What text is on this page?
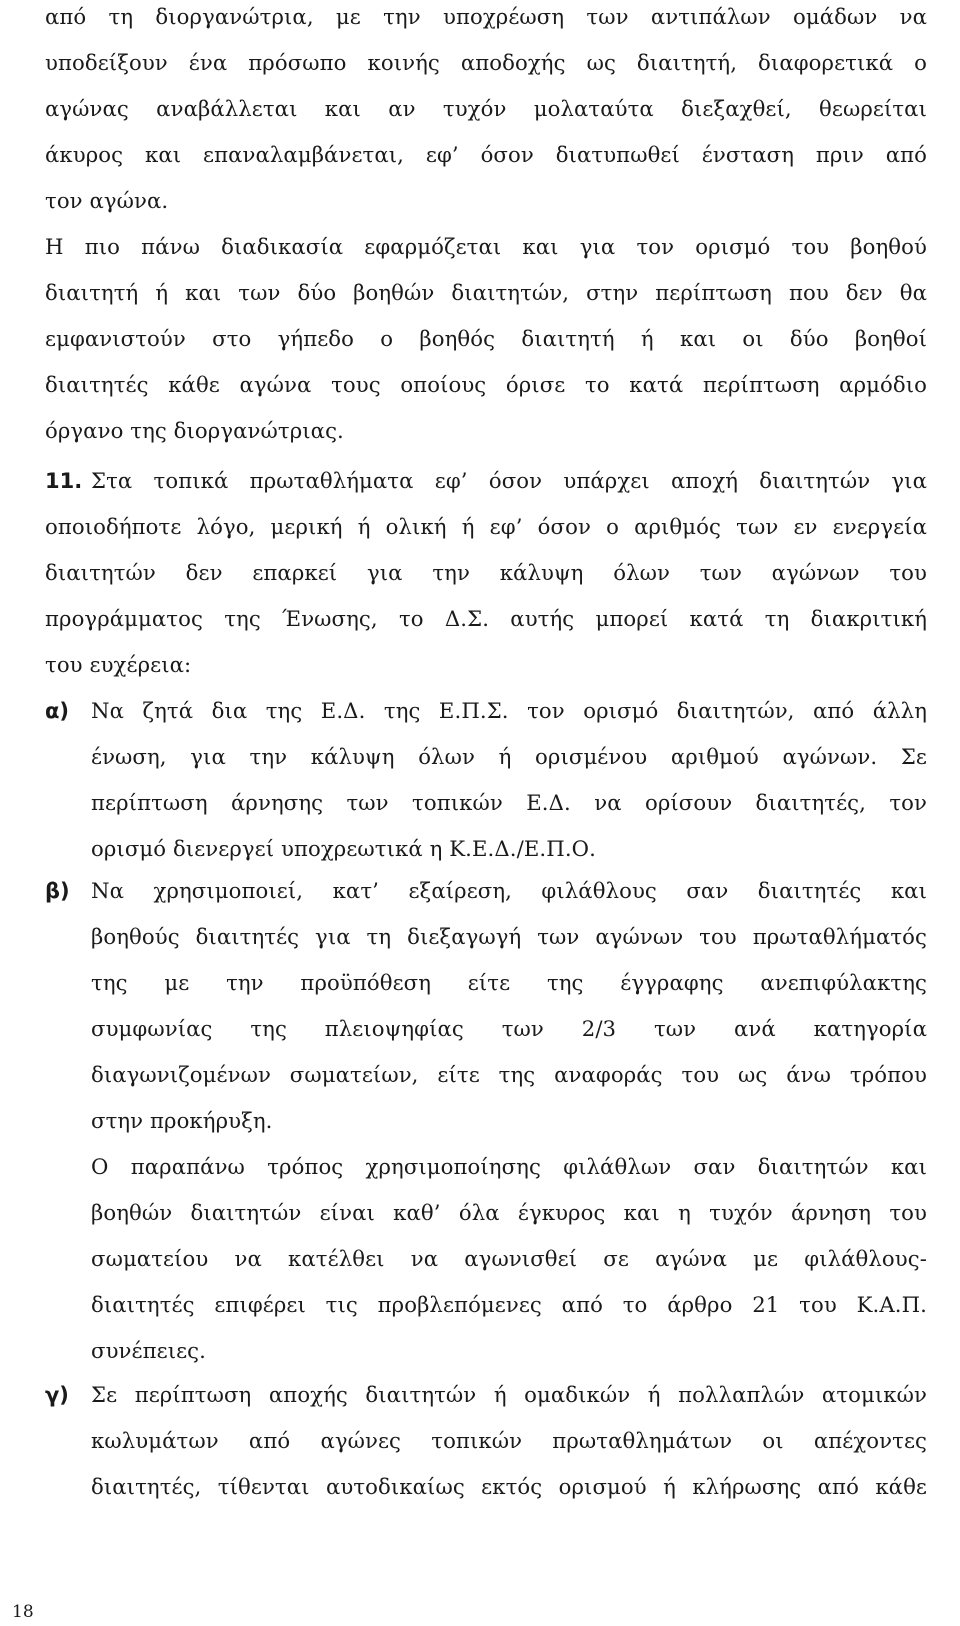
από τη διοργανώτρια, με την υποχρέωση των αντιπάλων ομάδων να
υποδείξουν ένα πρόσωπο κοινής αποδοχής ως διαιτητή, διαφορετικά ο
αγώνας αναβάλλεται και αν τυχόν μολαταύτα διεξαχθεί, θεωρείται
άκυρος και επαναλαμβάνεται, εφ’ όσον διατυπωθεί ένσταση πριν από
τον αγώνα.
Η πιο πάνω διαδικασία εφαρμόζεται και για τον ορισμό του βοηθού
διαιτητή ή και των δύο βοηθών διαιτητών, στην περίπτωση που δεν θα
εμφανιστούν στο γήπεδο ο βοηθός διαιτητή ή και οι δύο βοηθοί
διαιτητές κάθε αγώνα τους οποίους όρισε το κατά περίπτωση αρμόδιο
όργανο της διοργανώτριας.
11. Στα τοπικά πρωταθλήματα εφ’ όσον υπάρχει αποχή διαιτητών για
οποιοδήποτε λόγο, μερική ή ολική ή εφ’ όσον ο αριθμός των εν ενεργεία
διαιτητών δεν επαρκεί για την κάλυψη όλων των αγώνων του
προγράμματος της Ένωσης, το Δ.Σ. αυτής μπορεί κατά τη διακριτική
του ευχέρεια:
α) Να ζητά δια της Ε.Δ. της Ε.Π.Σ. τον ορισμό διαιτητών, από άλλη
ένωση, για την κάλυψη όλων ή ορισμένου αριθμού αγώνων. Σε
περίπτωση άρνησης των τοπικών Ε.Δ. να ορίσουν διαιτητές, τον
ορισμό διενεργεί υποχρεωτικά η Κ.Ε.Δ./Ε.Π.Ο.
β) Να χρησιμοποιεί, κατ’ εξαίρεση, φιλάθλους σαν διαιτητές και
βοηθούς διαιτητές για τη διεξαγωγή των αγώνων του πρωταθλήματός
της με την προϋπόθεση είτε της έγγραφης ανεπιφύλακτης
συμφωνίας της πλειοψηφίας των 2/3 των ανά κατηγορία
διαγωνιζομένων σωματείων, είτε της αναφοράς του ως άνω τρόπου
στην προκήρυξη.
Ο παραπάνω τρόπος χρησιμοποίησης φιλάθλων σαν διαιτητών και
βοηθών διαιτητών είναι καθ’ όλα έγκυρος και η τυχόν άρνηση του
σωματείου να κατέλθει να αγωνισθεί σε αγώνα με φιλάθλους-
διαιτητές επιφέρει τις προβλεπόμενες από το άρθρο 21 του Κ.Α.Π.
συνέπειες.
γ) Σε περίπτωση αποχής διαιτητών ή ομαδικών ή πολλαπλών ατομικών
κωλυμάτων από αγώνες τοπικών πρωταθλημάτων οι απέχοντες
διαιτητές, τίθενται αυτοδικαίως εκτός ορισμού ή κλήρωσης από κάθε
18
